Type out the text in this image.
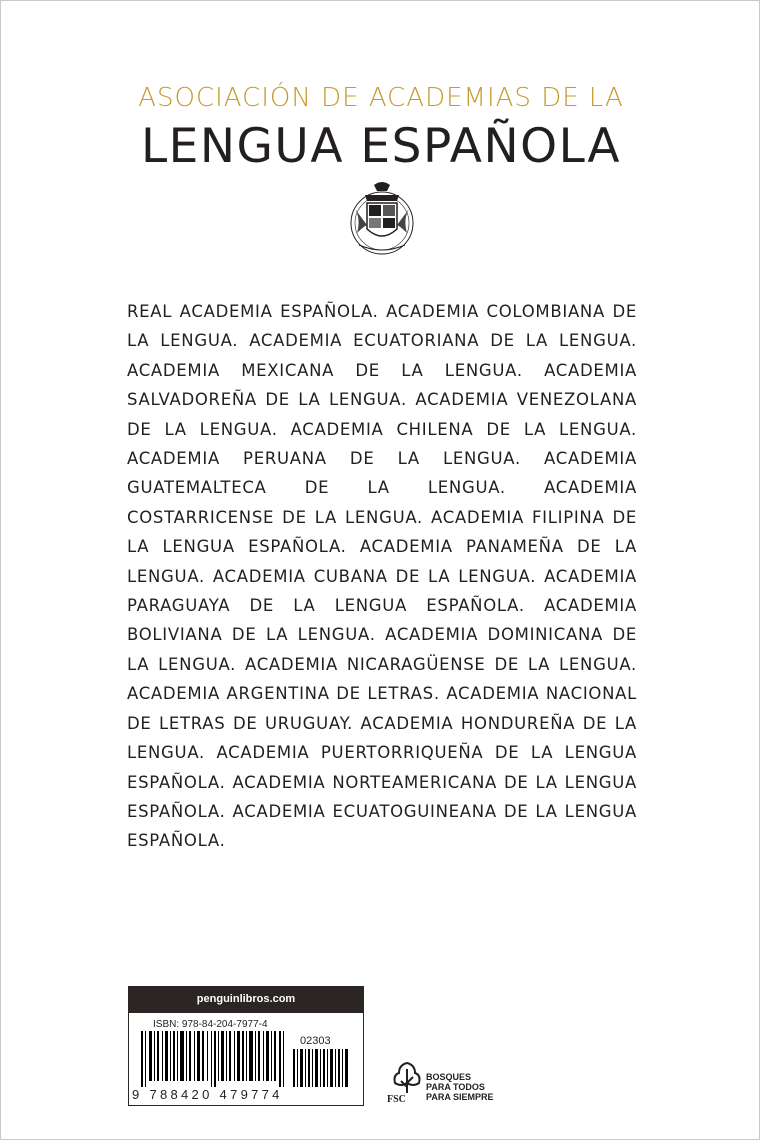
ASOCIACIÓN DE ACADEMIAS DE LA
LENGUA ESPAÑOLA
REAL ACADEMIA ESPAÑOLA. ACADEMIA COLOMBIANA DE LA LENGUA. ACADEMIA ECUATORIANA DE LA LENGUA. ACADEMIA MEXICANA DE LA LENGUA. ACADEMIA SALVADOREÑA DE LA LENGUA. ACADEMIA VENEZOLANA DE LA LENGUA. ACADEMIA CHILENA DE LA LENGUA. ACADEMIA PERUANA DE LA LENGUA. ACADEMIA GUATEMALTECA DE LA LENGUA. ACADEMIA COSTARRICENSE DE LA LENGUA. ACADEMIA FILIPINA DE LA LENGUA ESPAÑOLA. ACADEMIA PANAMEÑA DE LA LENGUA. ACADEMIA CUBANA DE LA LENGUA. ACADEMIA PARAGUAYA DE LA LENGUA ESPAÑOLA. ACADEMIA BOLIVIANA DE LA LENGUA. ACADEMIA DOMINICANA DE LA LENGUA. ACADEMIA NICARAGÜENSE DE LA LENGUA. ACADEMIA ARGENTINA DE LETRAS. ACADEMIA NACIONAL DE LETRAS DE URUGUAY. ACADEMIA HONDUREÑA DE LA LENGUA. ACADEMIA PUERTORRIQUEÑA DE LA LENGUA ESPAÑOLA. ACADEMIA NORTEAMERICANA DE LA LENGUA ESPAÑOLA. ACADEMIA ECUATOGUINEANA DE LA LENGUA ESPAÑOLA.
penguinlibros.com
ISBN: 978-84-204-7977-4
02303
9 788420 479774	FSC
BOSQUES
PARA TODOS
PARA SIEMPRE
